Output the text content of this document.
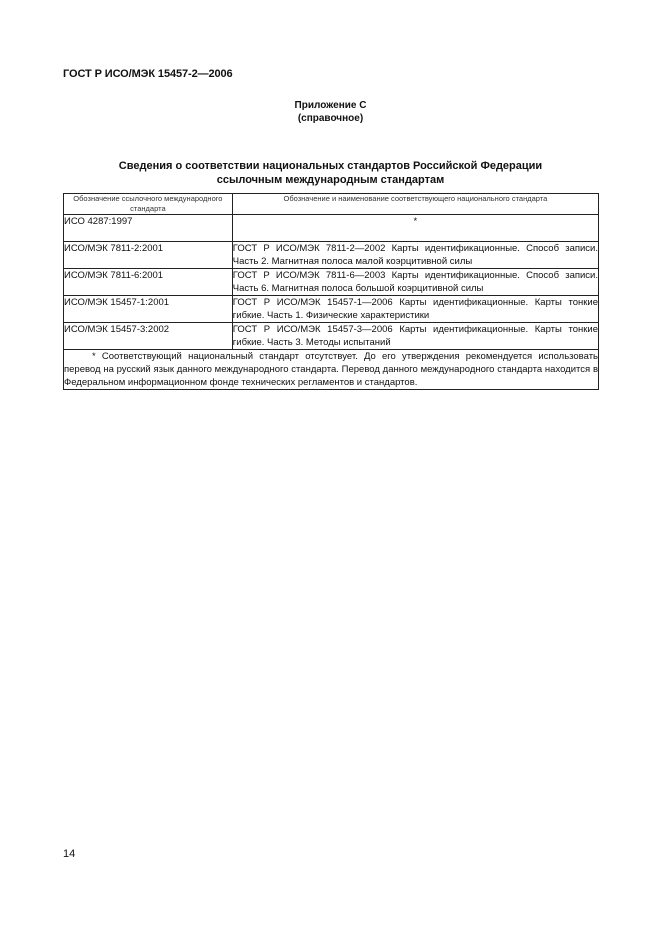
ГОСТ Р ИСО/МЭК 15457-2—2006
Приложение С
(справочное)
Сведения о соответствии национальных стандартов Российской Федерации
ссылочным международным стандартам
Обозначение ссылочного международного стандарта	Обозначение и наименование соответствующего национального стандарта
ИСО 4287:1997	*
ИСО/МЭК 7811-2:2001	ГОСТ Р ИСО/МЭК 7811-2—2002 Карты идентификационные. Способ записи. Часть 2. Магнитная полоса малой коэрцитивной силы
ИСО/МЭК 7811-6:2001	ГОСТ Р ИСО/МЭК 7811-6—2003 Карты идентификационные. Способ записи. Часть 6. Магнитная полоса большой коэрцитивной силы
ИСО/МЭК 15457-1:2001	ГОСТ Р ИСО/МЭК 15457-1—2006 Карты идентификационные. Карты тонкие гибкие. Часть 1. Физические характеристики
ИСО/МЭК 15457-3:2002	ГОСТ Р ИСО/МЭК 15457-3—2006 Карты идентификационные. Карты тонкие гибкие. Часть 3. Методы испытаний
* Соответствующий национальный стандарт отсутствует. До его утверждения рекомендуется использовать перевод на русский язык данного международного стандарта. Перевод данного международного стандарта находится в Федеральном информационном фонде технических регламентов и стандартов.	
14
